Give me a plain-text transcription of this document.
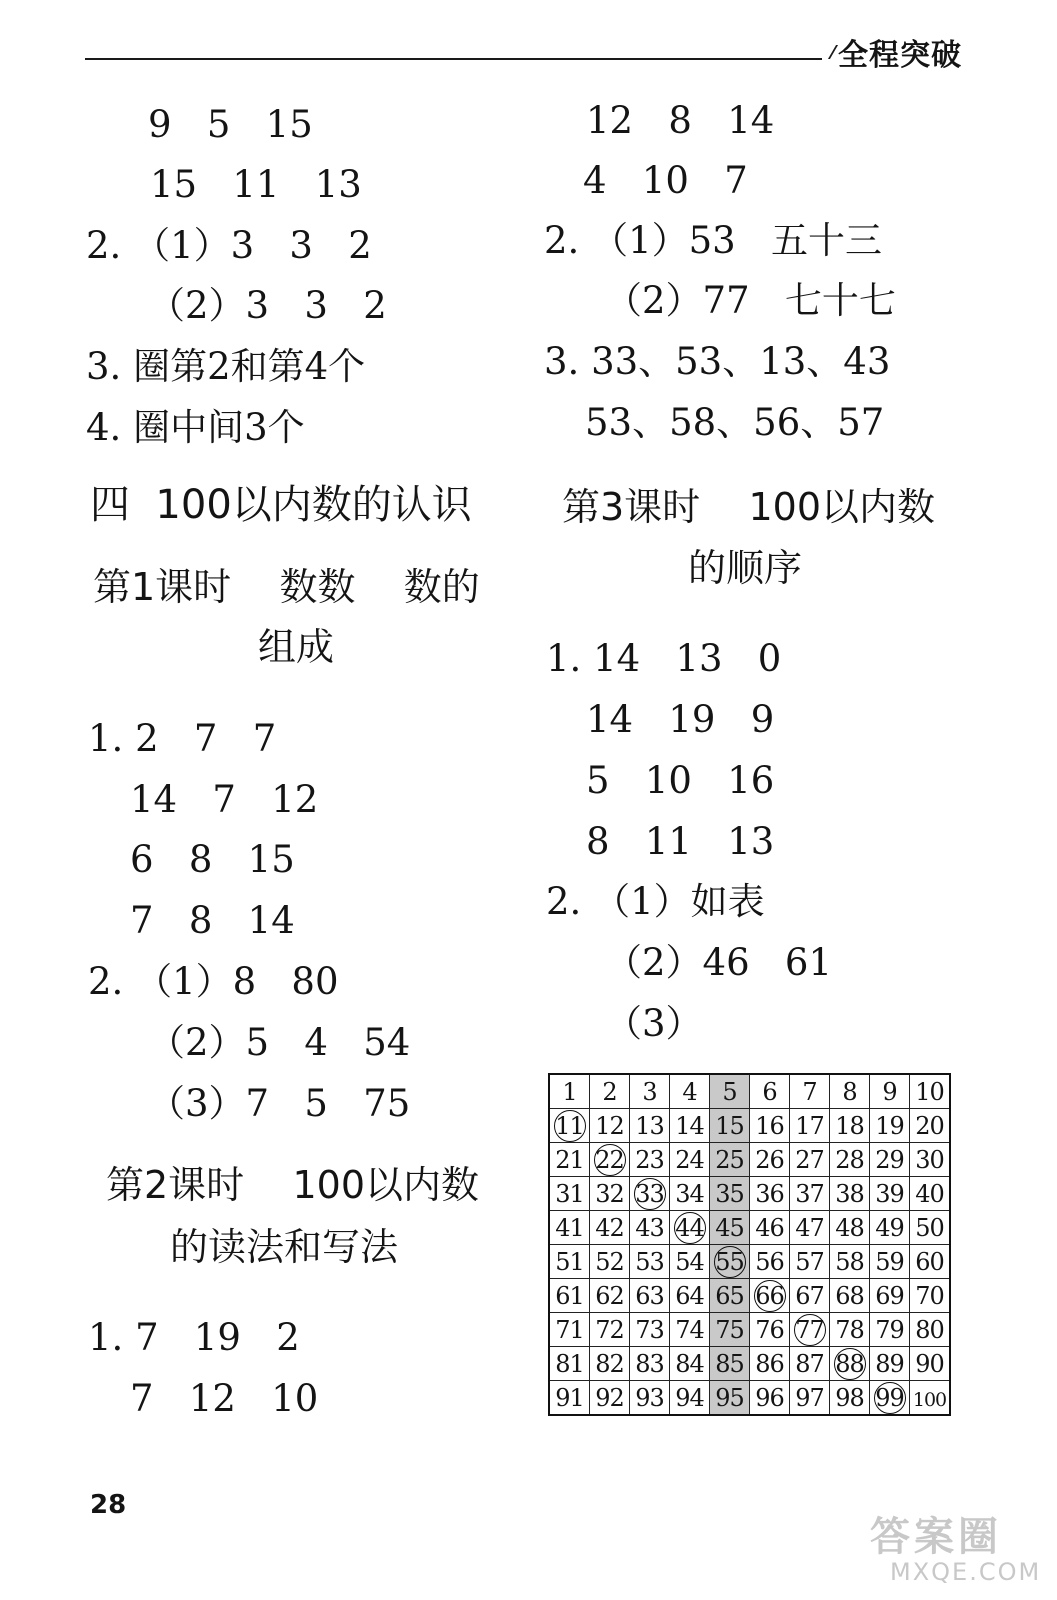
全程突破
9   5   15
15   11   13
2. （1）3   3   2
（2）3   3   2
3. 圈第2和第4个
4. 圈中间3个
四  100以内数的认识
第1课时    数数    数的
组成
1. 2   7   7
14   7   12
6   8   15
7   8   14
2. （1）8   80
（2）5   4   54
（3）7   5   75
第2课时    100以内数
的读法和写法
1. 7   19   2
7   12   10
12   8   14
4   10   7
2. （1）53   五十三
（2）77   七十七
3. 33、53、13、43
53、58、56、57
第3课时    100以内数
的顺序
1. 14   13   0
14   19   9
5   10   16
8   11   13
2. （1）如表
（2）46   61
（3）
1	2	3	4	5	6	7	8	9	10
11	12	13	14	15	16	17	18	19	20
21	22	23	24	25	26	27	28	29	30
31	32	33	34	35	36	37	38	39	40
41	42	43	44	45	46	47	48	49	50
51	52	53	54	55	56	57	58	59	60
61	62	63	64	65	66	67	68	69	70
71	72	73	74	75	76	77	78	79	80
81	82	83	84	85	86	87	88	89	90
91	92	93	94	95	96	97	98	99	100
28
答案圈
MXQE.COM
